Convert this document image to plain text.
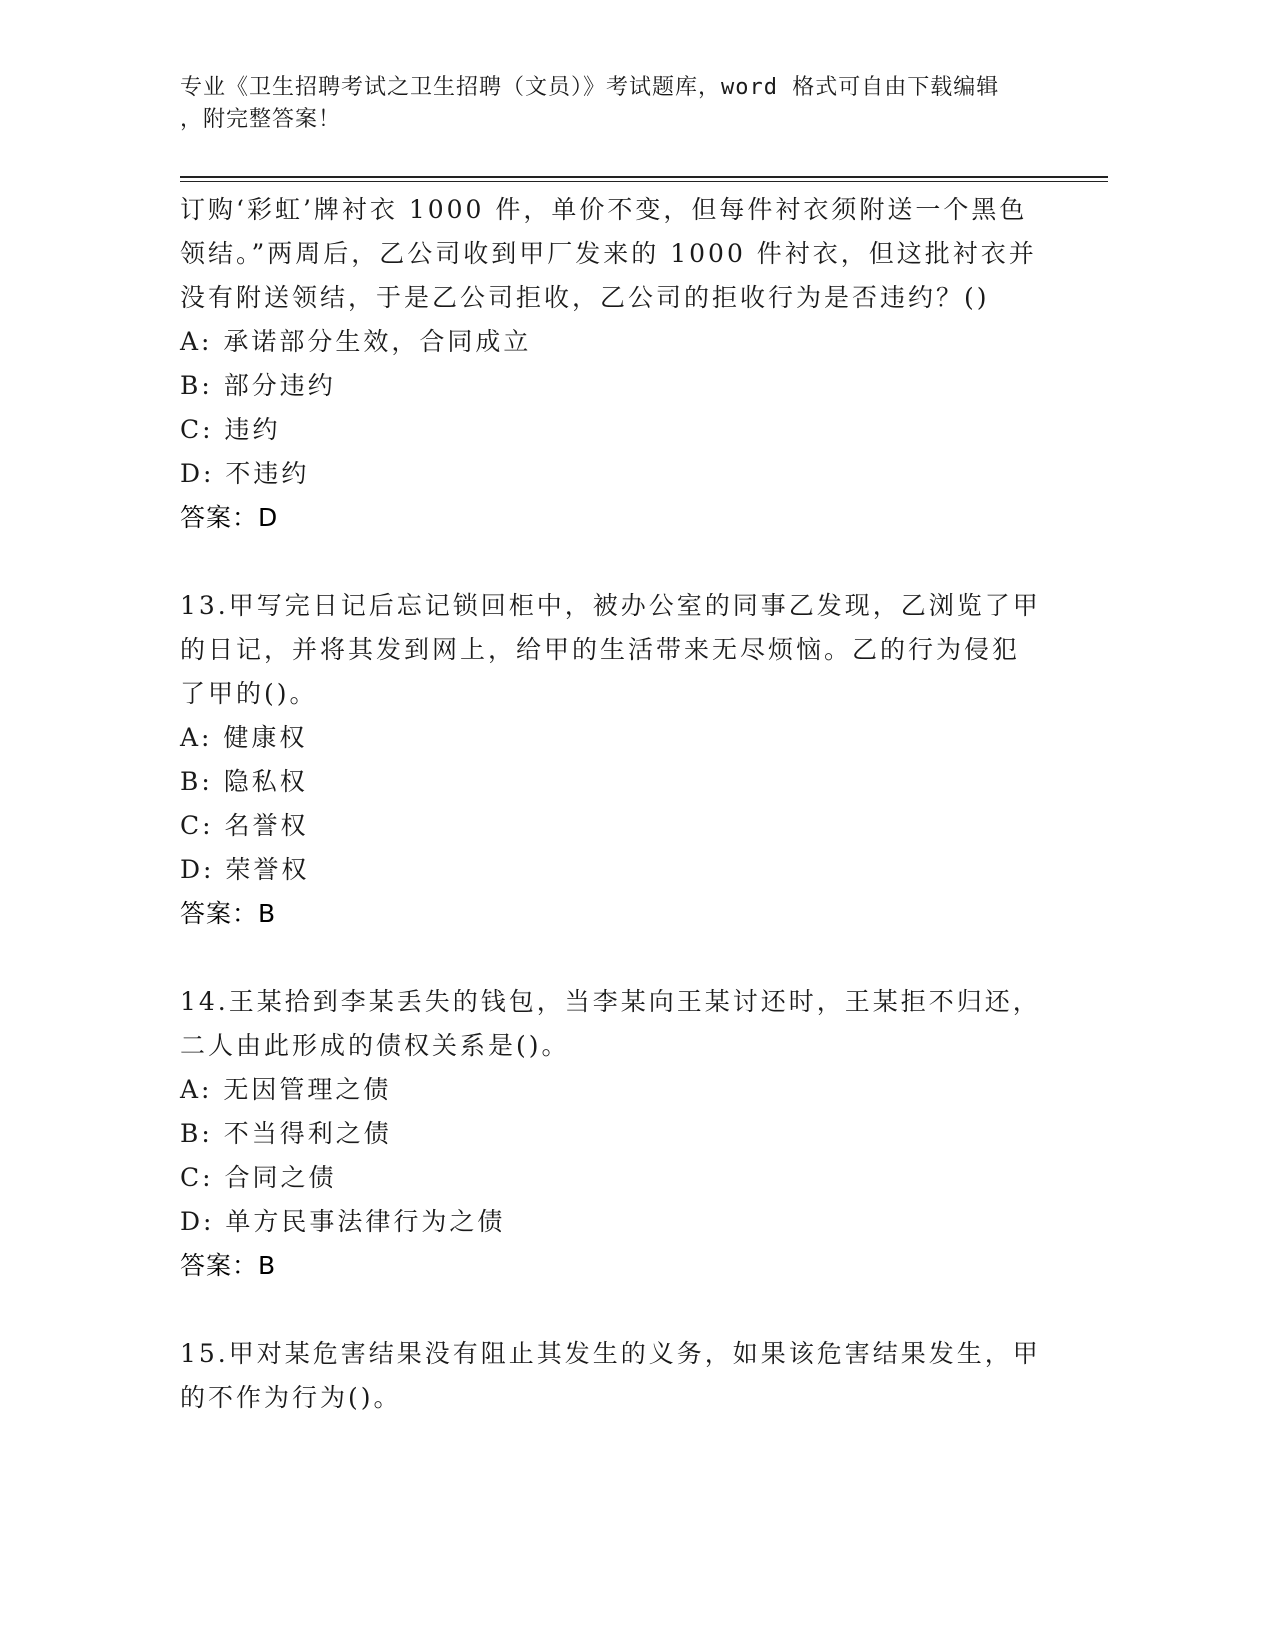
专业《卫生招聘考试之卫生招聘（文员）》考试题库，word 格式可自由下载编辑
，附完整答案！
订购‘彩虹’牌衬衣 1000 件，单价不变，但每件衬衣须附送一个黑色
领结。”两周后，乙公司收到甲厂发来的 1000 件衬衣，但这批衬衣并
没有附送领结，于是乙公司拒收，乙公司的拒收行为是否违约？()
A: 承诺部分生效，合同成立
B: 部分违约
C: 违约
D: 不违约
答案：D
13.甲写完日记后忘记锁回柜中，被办公室的同事乙发现，乙浏览了甲
的日记，并将其发到网上，给甲的生活带来无尽烦恼。乙的行为侵犯
了甲的()。
A: 健康权
B: 隐私权
C: 名誉权
D: 荣誉权
答案：B
14.王某拾到李某丢失的钱包，当李某向王某讨还时，王某拒不归还，
二人由此形成的债权关系是()。
A: 无因管理之债
B: 不当得利之债
C: 合同之债
D: 单方民事法律行为之债
答案：B
15.甲对某危害结果没有阻止其发生的义务，如果该危害结果发生，甲
的不作为行为()。
